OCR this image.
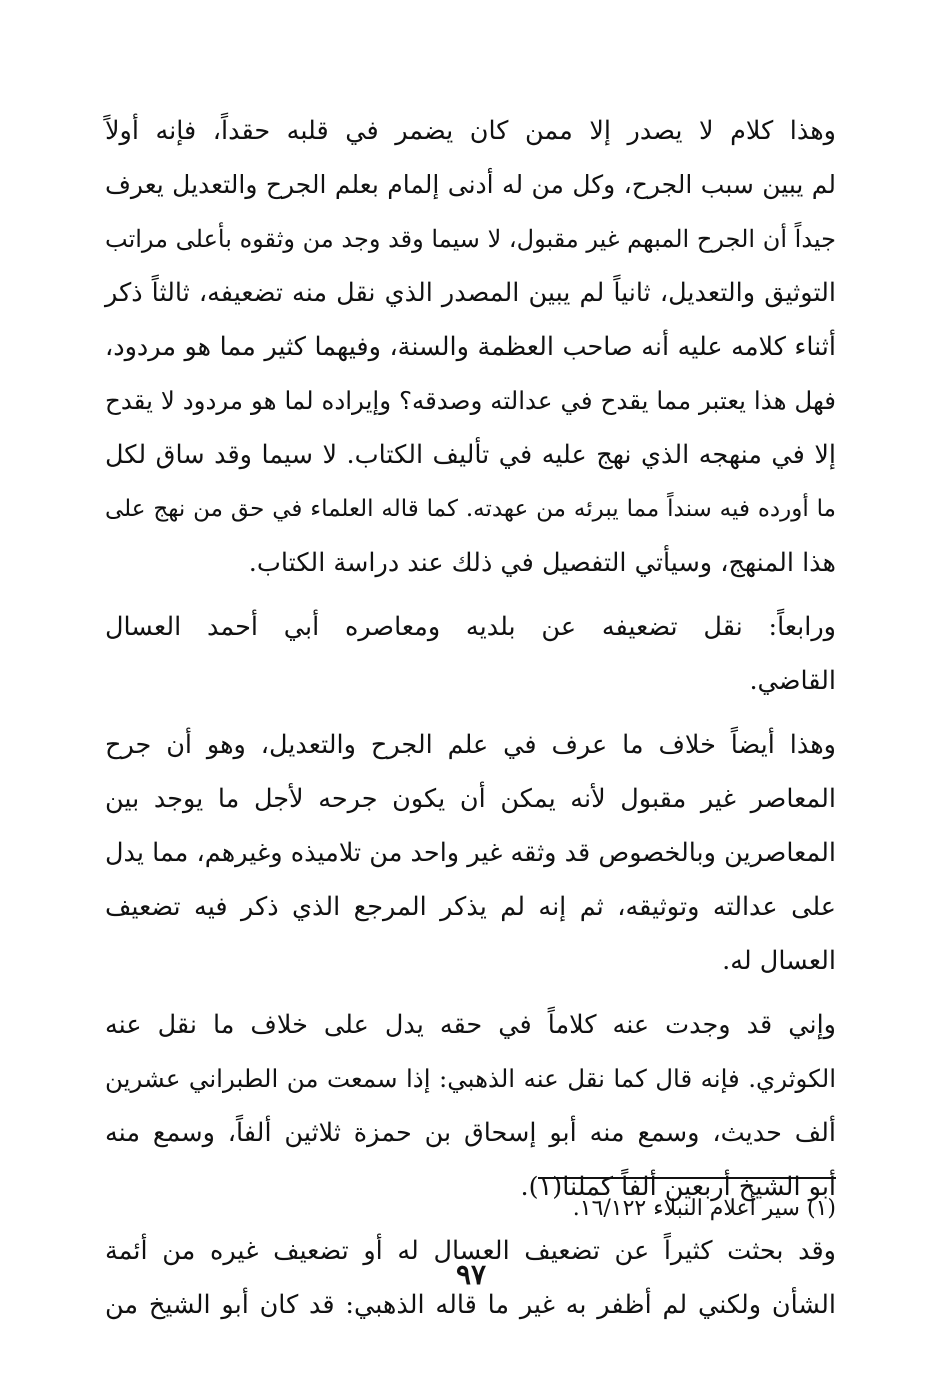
وهذا كلام لا يصدر إلا ممن كان يضمر في قلبه حقداً، فإنه أولاً
لم يبين سبب الجرح، وكل من له أدنى إلمام بعلم الجرح والتعديل يعرف
جيداً أن الجرح المبهم غير مقبول، لا سيما وقد وجد من وثقوه بأعلى مراتب
التوثيق والتعديل، ثانياً لم يبين المصدر الذي نقل منه تضعيفه، ثالثاً ذكر
أثناء كلامه عليه أنه صاحب العظمة والسنة، وفيهما كثير مما هو مردود،
فهل هذا يعتبر مما يقدح في عدالته وصدقه؟ وإيراده لما هو مردود لا يقدح
إلا في منهجه الذي نهج عليه في تأليف الكتاب. لا سيما وقد ساق لكل
ما أورده فيه سنداً مما يبرئه من عهدته. كما قاله العلماء في حق من نهج على
هذا المنهج، وسيأتي التفصيل في ذلك عند دراسة الكتاب.

ورابعاً: نقل تضعيفه عن بلديه ومعاصره أبي أحمد العسال
القاضي.

وهذا أيضاً خلاف ما عرف في علم الجرح والتعديل، وهو أن جرح
المعاصر غير مقبول لأنه يمكن أن يكون جرحه لأجل ما يوجد بين
المعاصرين وبالخصوص قد وثقه غير واحد من تلاميذه وغيرهم، مما يدل
على عدالته وتوثيقه، ثم إنه لم يذكر المرجع الذي ذكر فيه تضعيف
العسال له.

وإني قد وجدت عنه كلاماً في حقه يدل على خلاف ما نقل عنه
الكوثري. فإنه قال كما نقل عنه الذهبي: إذا سمعت من الطبراني عشرين
ألف حديث، وسمع منه أبو إسحاق بن حمزة ثلاثين ألفاً، وسمع منه
أبو الشيخ أربعين ألفاً كملنا(١).

وقد بحثت كثيراً عن تضعيف العسال له أو تضعيف غيره من أئمة
الشأن ولكني لم أظفر به غير ما قاله الذهبي: قد كان أبو الشيخ من

(١) سير أعلام النبلاء ١٦/١٢٢.
٩٧
